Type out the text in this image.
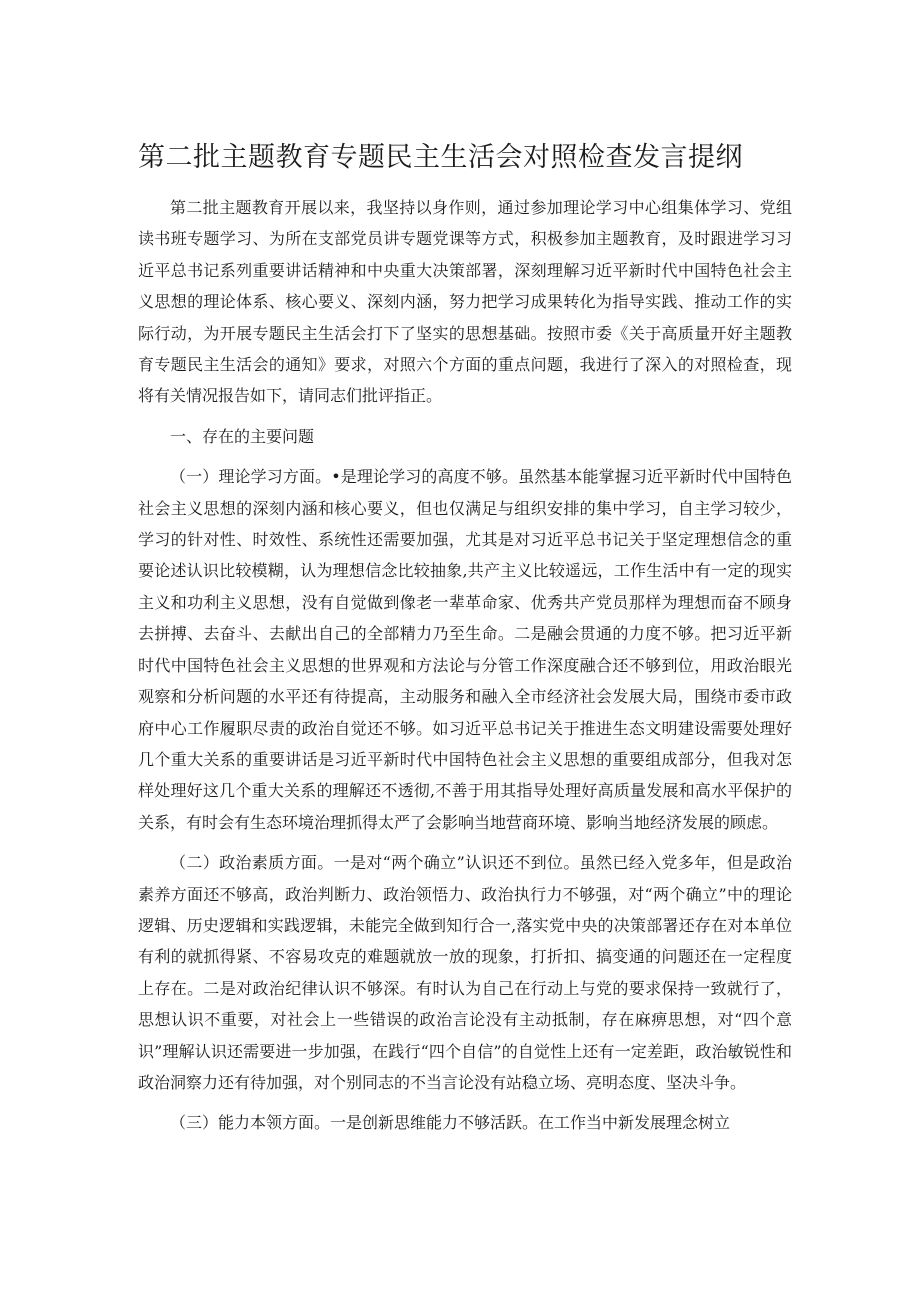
第二批主题教育专题民主生活会对照检查发言提纲

第二批主题教育开展以来，我坚持以身作则，通过参加理论学习中心组集体学习、党组读书班专题学习、为所在支部党员讲专题党课等方式，积极参加主题教育，及时跟进学习习近平总书记系列重要讲话精神和中央重大决策部署，深刻理解习近平新时代中国特色社会主义思想的理论体系、核心要义、深刻内涵，努力把学习成果转化为指导实践、推动工作的实际行动，为开展专题民主生活会打下了坚实的思想基础。按照市委《关于高质量开好主题教育专题民主生活会的通知》要求，对照六个方面的重点问题，我进行了深入的对照检查，现将有关情况报告如下，请同志们批评指正。

一、存在的主要问题

（一）理论学习方面。•是理论学习的高度不够。虽然基本能掌握习近平新时代中国特色社会主义思想的深刻内涵和核心要义，但也仅满足与组织安排的集中学习，自主学习较少，学习的针对性、时效性、系统性还需要加强，尤其是对习近平总书记关于坚定理想信念的重要论述认识比较模糊，认为理想信念比较抽象,共产主义比较遥远，工作生活中有一定的现实主义和功利主义思想，没有自觉做到像老一辈革命家、优秀共产党员那样为理想而奋不顾身去拼搏、去奋斗、去献出自己的全部精力乃至生命。二是融会贯通的力度不够。把习近平新时代中国特色社会主义思想的世界观和方法论与分管工作深度融合还不够到位，用政治眼光观察和分析问题的水平还有待提高，主动服务和融入全市经济社会发展大局，围绕市委市政府中心工作履职尽责的政治自觉还不够。如习近平总书记关于推进生态文明建设需要处理好几个重大关系的重要讲话是习近平新时代中国特色社会主义思想的重要组成部分，但我对怎样处理好这几个重大关系的理解还不透彻,不善于用其指导处理好高质量发展和高水平保护的关系，有时会有生态环境治理抓得太严了会影响当地营商环境、影响当地经济发展的顾虑。

（二）政治素质方面。一是对“两个确立”认识还不到位。虽然已经入党多年，但是政治素养方面还不够高，政治判断力、政治领悟力、政治执行力不够强，对“两个确立”中的理论逻辑、历史逻辑和实践逻辑，未能完全做到知行合一,落实党中央的决策部署还存在对本单位有利的就抓得紧、不容易攻克的难题就放一放的现象，打折扣、搞变通的问题还在一定程度上存在。二是对政治纪律认识不够深。有时认为自己在行动上与党的要求保持一致就行了，思想认识不重要，对社会上一些错误的政治言论没有主动抵制，存在麻痹思想，对“四个意识”理解认识还需要进一步加强，在践行“四个自信”的自觉性上还有一定差距，政治敏锐性和政治洞察力还有待加强，对个别同志的不当言论没有站稳立场、亮明态度、坚决斗争。

（三）能力本领方面。一是创新思维能力不够活跃。在工作当中新发展理念树立
